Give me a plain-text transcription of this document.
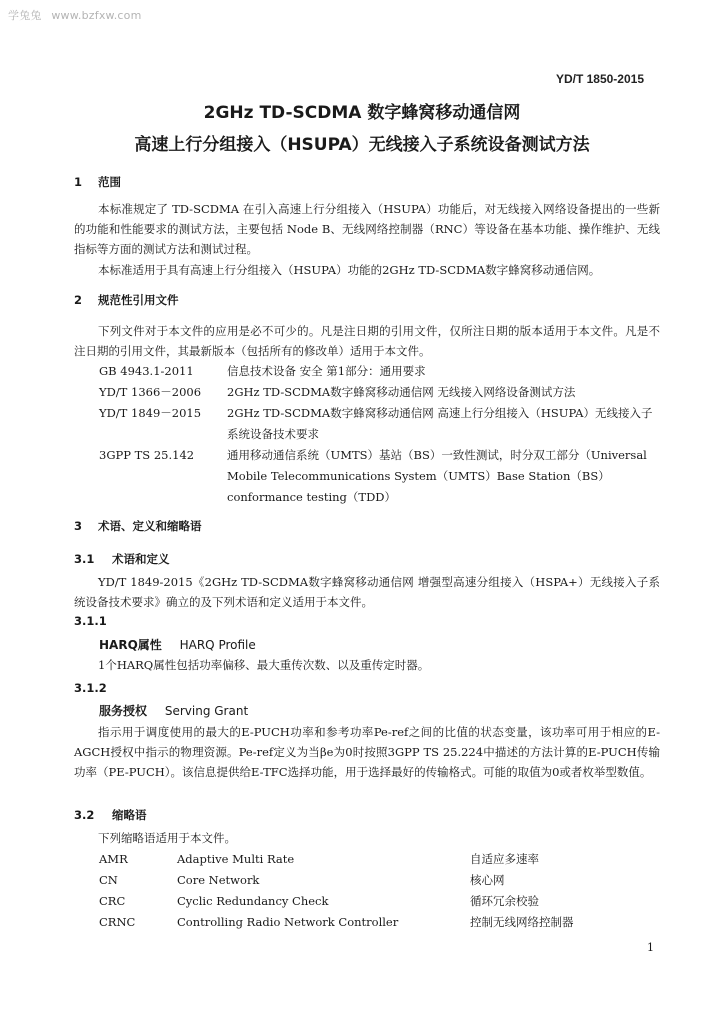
学兔兔 www.bzfxw.com
YD/T 1850-2015
2GHz TD-SCDMA 数字蜂窝移动通信网
高速上行分组接入（HSUPA）无线接入子系统设备测试方法
1 范围

本标准规定了 TD-SCDMA 在引入高速上行分组接入（HSUPA）功能后，对无线接入网络设备提出的一些新的功能和性能要求的测试方法，主要包括 Node B、无线网络控制器（RNC）等设备在基本功能、操作维护、无线指标等方面的测试方法和测试过程。

本标准适用于具有高速上行分组接入（HSUPA）功能的2GHz TD-SCDMA数字蜂窝移动通信网。

2 规范性引用文件

下列文件对于本文件的应用是必不可少的。凡是注日期的引用文件，仅所注日期的版本适用于本文件。凡是不注日期的引用文件，其最新版本（包括所有的修改单）适用于本文件。

GB 4943.1-2011	信息技术设备 安全 第1部分：通用要求
YD/T 1366－2006	2GHz TD-SCDMA数字蜂窝移动通信网 无线接入网络设备测试方法
YD/T 1849－2015	2GHz TD-SCDMA数字蜂窝移动通信网 高速上行分组接入（HSUPA）无线接入子系统设备技术要求
3GPP TS 25.142	通用移动通信系统（UMTS）基站（BS）一致性测试，时分双工部分（Universal Mobile Telecommunications System（UMTS）Base Station（BS）conformance testing（TDD）
3 术语、定义和缩略语
3.1 术语和定义

YD/T 1849-2015《2GHz TD-SCDMA数字蜂窝移动通信网 增强型高速分组接入（HSPA+）无线接入子系统设备技术要求》确立的及下列术语和定义适用于本文件。

3.1.1
HARQ属性 HARQ Profile

1个HARQ属性包括功率偏移、最大重传次数、以及重传定时器。

3.1.2
服务授权 Serving Grant

指示用于调度使用的最大的E-PUCH功率和参考功率Pe-ref之间的比值的状态变量，该功率可用于相应的E-AGCH授权中指示的物理资源。Pe-ref定义为当βe为0时按照3GPP TS 25.224中描述的方法计算的E-PUCH传输功率（PE-PUCH）。该信息提供给E-TFC选择功能，用于选择最好的传输格式。可能的取值为0或者枚举型数值。

3.2 缩略语

下列缩略语适用于本文件。

AMR	Adaptive Multi Rate	自适应多速率
CN	Core Network	核心网
CRC	Cyclic Redundancy Check	循环冗余校验
CRNC	Controlling Radio Network Controller	控制无线网络控制器
1
